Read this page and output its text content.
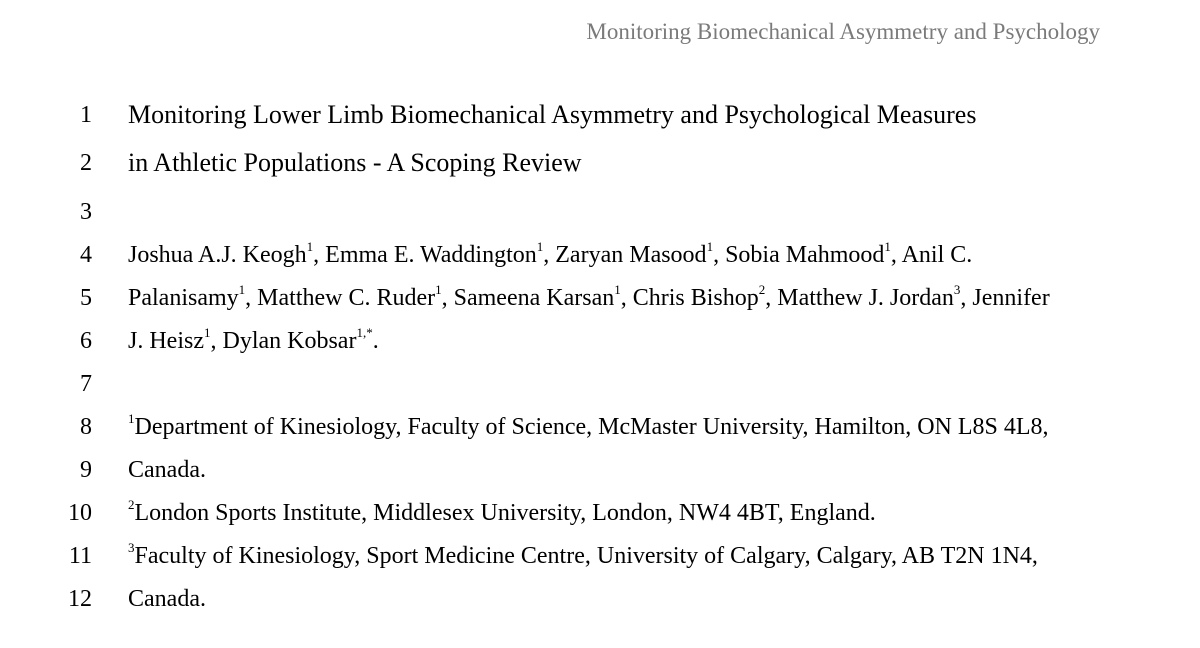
Monitoring Biomechanical Asymmetry and Psychology
1 Monitoring Lower Limb Biomechanical Asymmetry and Psychological Measures
2 in Athletic Populations - A Scoping Review
3
4 Joshua A.J. Keogh$^1$, Emma E. Waddington$^1$, Zaryan Masood$^1$, Sobia Mahmood$^1$, Anil C.
5 Palanisamy$^1$, Matthew C. Ruder$^1$, Sameena Karsan$^1$, Chris Bishop$^2$, Matthew J. Jordan$^3$, Jennifer
6 J. Heisz$^1$, Dylan Kobsar$^{1,*}$.
7
8	$^1$Department of Kinesiology, Faculty of Science, McMaster University, Hamilton, ON L8S 4L8,
9 Canada.
10	$^2$London Sports Institute, Middlesex University, London, NW4 4BT, England.
11	$^3$Faculty of Kinesiology, Sport Medicine Centre, University of Calgary, Calgary, AB T2N 1N4,
12 Canada.
